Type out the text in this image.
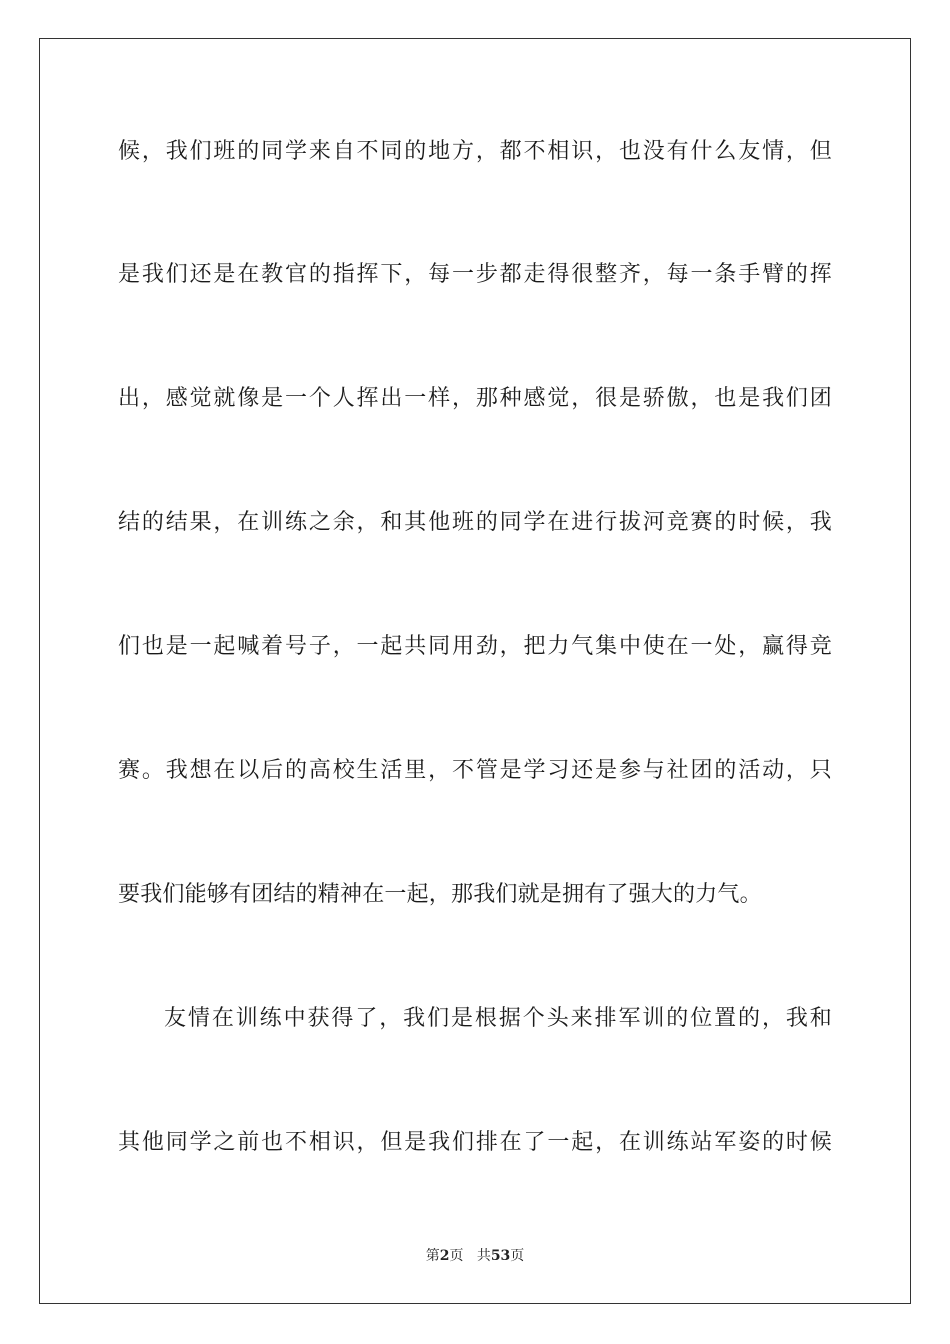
候，我们班的同学来自不同的地方，都不相识，也没有什么友情，但
是我们还是在教官的指挥下，每一步都走得很整齐，每一条手臂的挥
出，感觉就像是一个人挥出一样，那种感觉，很是骄傲，也是我们团
结的结果，在训练之余，和其他班的同学在进行拔河竞赛的时候，我
们也是一起喊着号子，一起共同用劲，把力气集中使在一处，赢得竞
赛。我想在以后的高校生活里，不管是学习还是参与社团的活动，只
要我们能够有团结的精神在一起，那我们就是拥有了强大的力气。
友情在训练中获得了，我们是根据个头来排军训的位置的，我和
其他同学之前也不相识，但是我们排在了一起，在训练站军姿的时候
第2页 共53页
